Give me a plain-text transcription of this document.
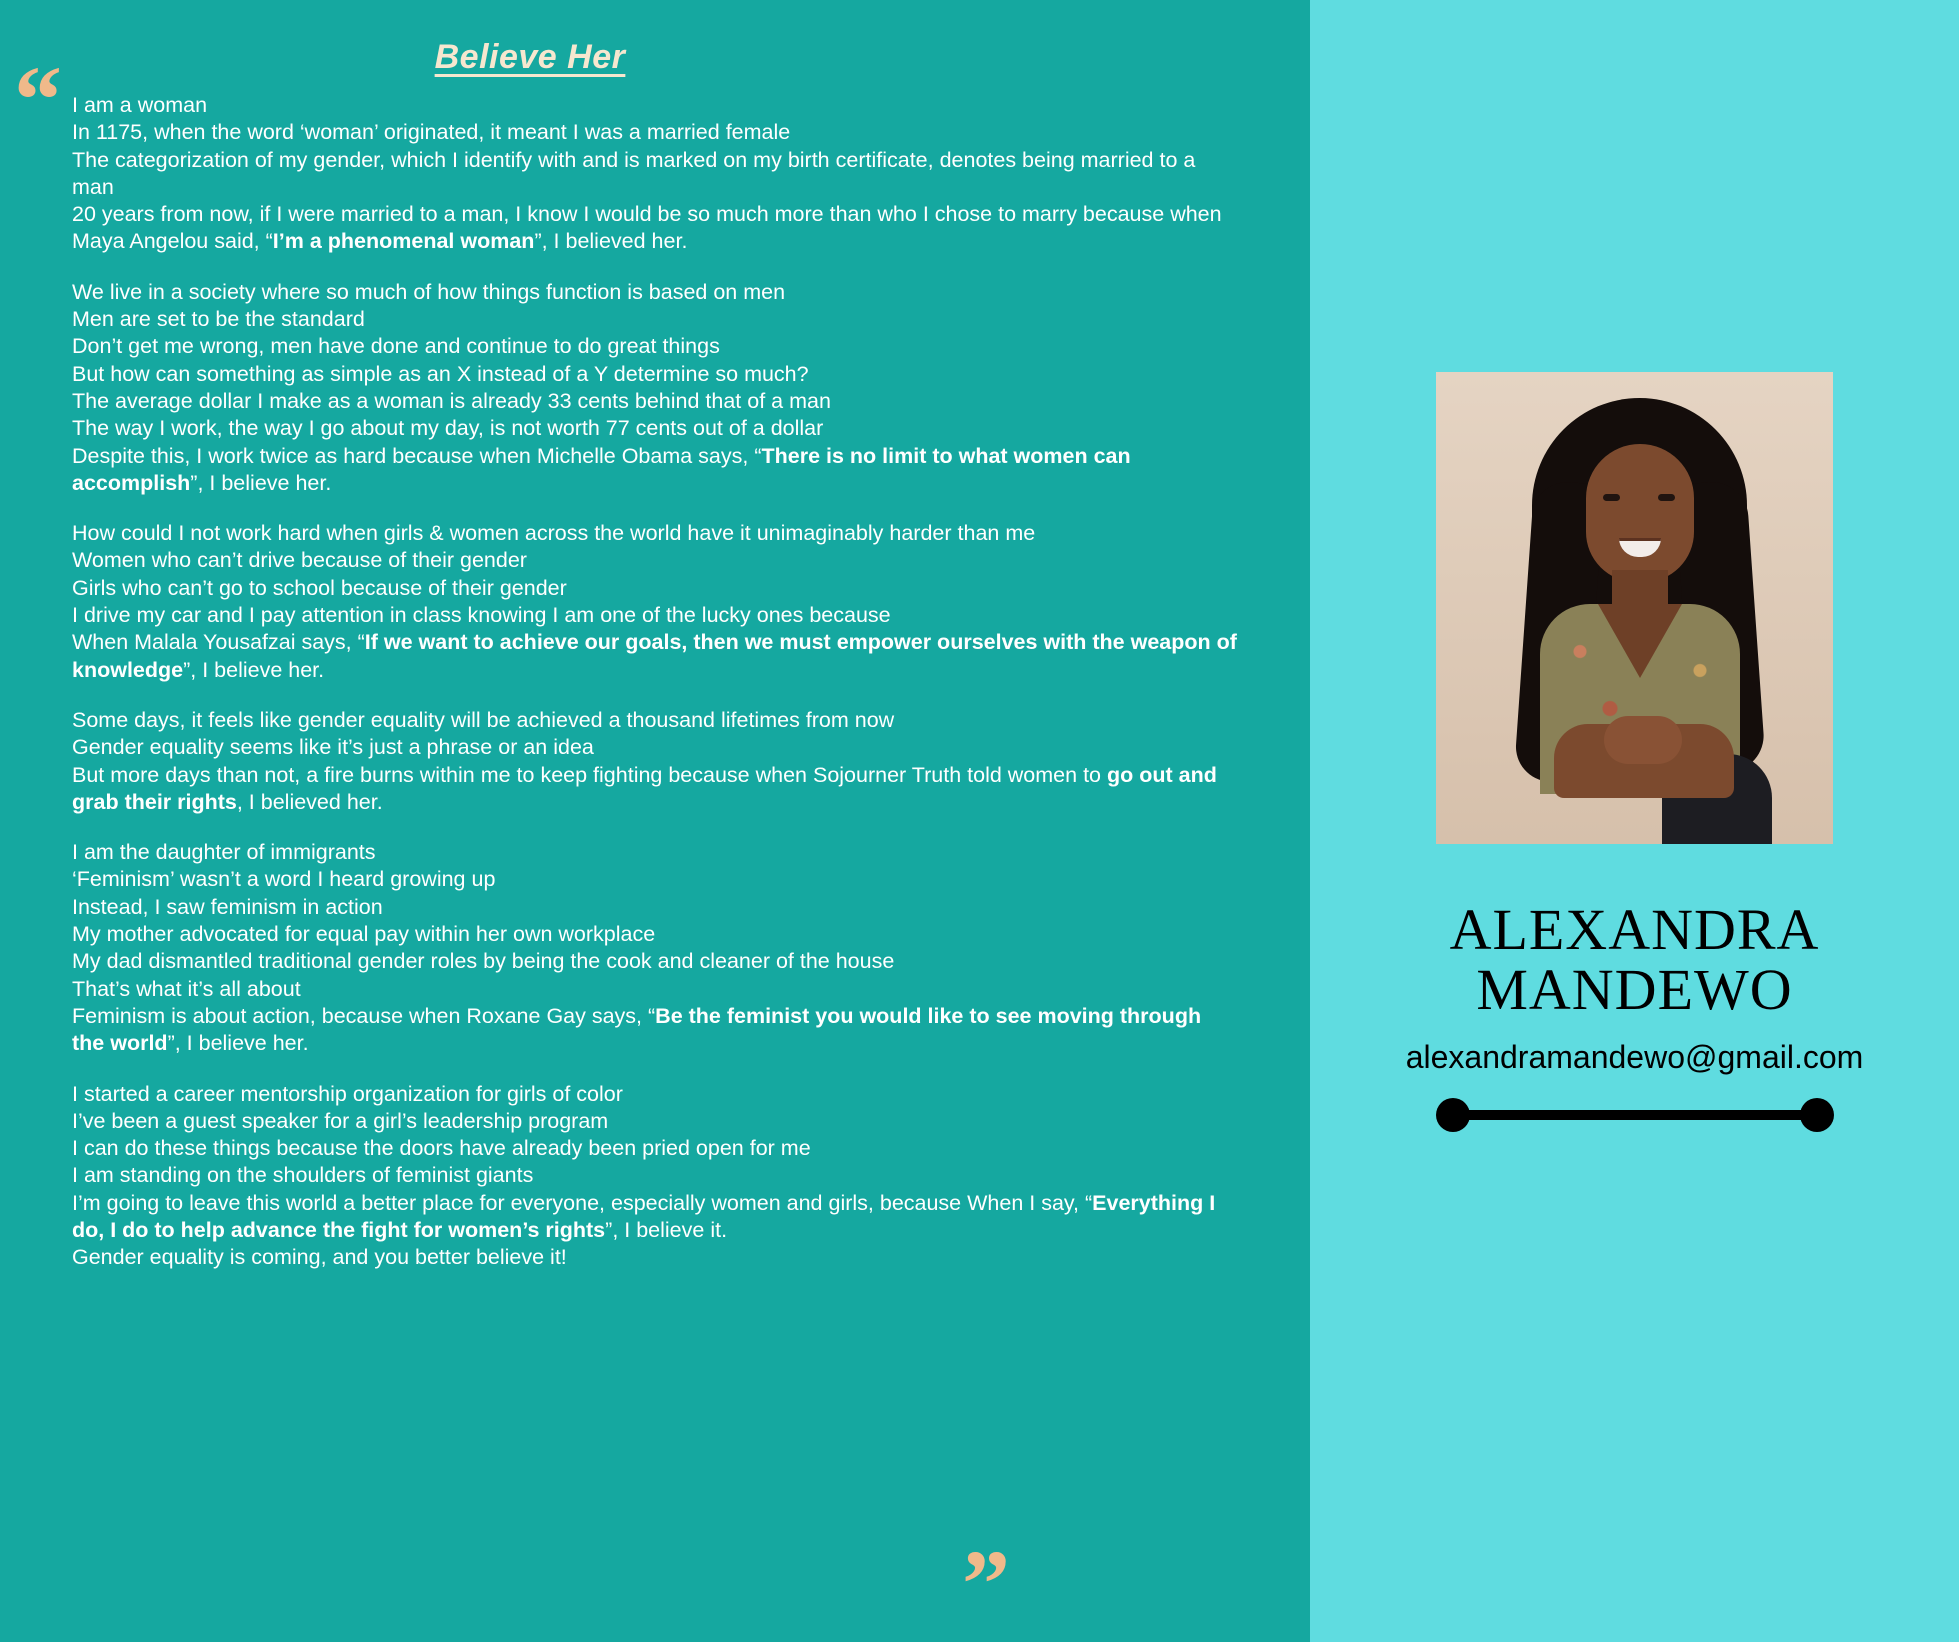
“	Believe Her
I am a woman
In 1175, when the word ‘woman’ originated, it meant I was a married female
The categorization of my gender, which I identify with and is marked on my birth certificate, denotes being married to a man
20 years from now, if I were married to a man, I know I would be so much more than who I chose to marry because when Maya Angelou said, “I’m a phenomenal woman”, I believed her.
We live in a society where so much of how things function is based on men
Men are set to be the standard
Don’t get me wrong, men have done and continue to do great things
But how can something as simple as an X instead of a Y determine so much?
The average dollar I make as a woman is already 33 cents behind that of a man
The way I work, the way I go about my day, is not worth 77 cents out of a dollar
Despite this, I work twice as hard because when Michelle Obama says, “There is no limit to what women can accomplish”, I believe her.
How could I not work hard when girls & women across the world have it unimaginably harder than me
Women who can’t drive because of their gender
Girls who can’t go to school because of their gender
I drive my car and I pay attention in class knowing I am one of the lucky ones because
When Malala Yousafzai says, “If we want to achieve our goals, then we must empower ourselves with the weapon of knowledge”, I believe her.
Some days, it feels like gender equality will be achieved a thousand lifetimes from now
Gender equality seems like it’s just a phrase or an idea
But more days than not, a fire burns within me to keep fighting because when Sojourner Truth told women to go out and grab their rights, I believed her.
I am the daughter of immigrants
‘Feminism’ wasn’t a word I heard growing up
Instead, I saw feminism in action
My mother advocated for equal pay within her own workplace
My dad dismantled traditional gender roles by being the cook and cleaner of the house
That’s what it’s all about
Feminism is about action, because when Roxane Gay says, “Be the feminist you would like to see moving through the world”, I believe her.
I started a career mentorship organization for girls of color
I’ve been a guest speaker for a girl’s leadership program
I can do these things because the doors have already been pried open for me
I am standing on the shoulders of feminist giants
I’m going to leave this world a better place for everyone, especially women and girls, because When I say, “Everything I do, I do to help advance the fight for women’s rights”, I believe it.
Gender equality is coming, and you better believe it!
”
ALEXANDRA MANDEWO
alexandramandewo@gmail.com
